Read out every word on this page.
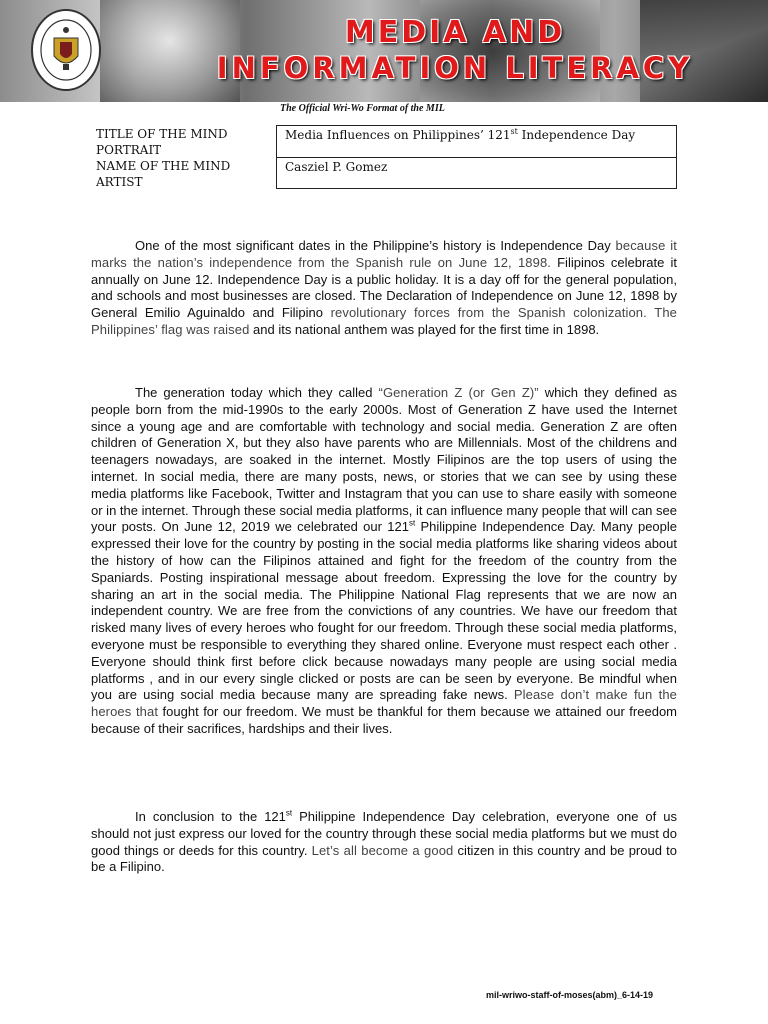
MEDIA AND
INFORMATION LITERACY
The Official Wri-Wo Format of the MIL
TITLE OF THE MIND
PORTRAIT
NAME OF THE MIND
ARTIST
Media Influences on Philippines’ 121st Independence Day
Casziel P. Gomez

One of the most significant dates in the Philippine’s history is Independence Day because it marks the nation’s independence from the Spanish rule on June 12, 1898. Filipinos celebrate it annually on June 12. Independence Day is a public holiday. It is a day off for the general population, and schools and most businesses are closed. The Declaration of Independence on June 12, 1898 by General Emilio Aguinaldo and Filipino revolutionary forces from the Spanish colonization. The Philippines’ flag was raised and its national anthem was played for the first time in 1898.

The generation today which they called “Generation Z (or Gen Z)” which they defined as people born from the mid-1990s to the early 2000s. Most of Generation Z have used the Internet since a young age and are comfortable with technology and social media. Generation Z are often children of Generation X, but they also have parents who are Millennials. Most of the childrens and teenagers nowadays, are soaked in the internet. Mostly Filipinos are the top users of using the internet. In social media, there are many posts, news, or stories that we can see by using these media platforms like Facebook, Twitter and Instagram that you can use to share easily with someone or in the internet. Through these social media platforms, it can influence many people that will can see your posts. On June 12, 2019 we celebrated our 121st Philippine Independence Day. Many people expressed their love for the country by posting in the social media platforms like sharing videos about the history of how can the Filipinos attained and fight for the freedom of the country from the Spaniards. Posting inspirational message about freedom. Expressing the love for the country by sharing an art in the social media. The Philippine National Flag represents that we are now an independent country. We are free from the convictions of any countries. We have our freedom that risked many lives of every heroes who fought for our freedom. Through these social media platforms, everyone must be responsible to everything they shared online. Everyone must respect each other . Everyone should think first before click because nowadays many people are using social media platforms , and in our every single clicked or posts are can be seen by everyone. Be mindful when you are using social media because many are spreading fake news. Please don’t make fun the heroes that fought for our freedom. We must be thankful for them because we attained our freedom because of their sacrifices, hardships and their lives.

In conclusion to the 121st Philippine Independence Day celebration, everyone one of us should not just express our loved for the country through these social media platforms but we must do good things or deeds for this country. Let’s all become a good citizen in this country and be proud to be a Filipino.

mil-wriwo-staff-of-moses(abm)_6-14-19
